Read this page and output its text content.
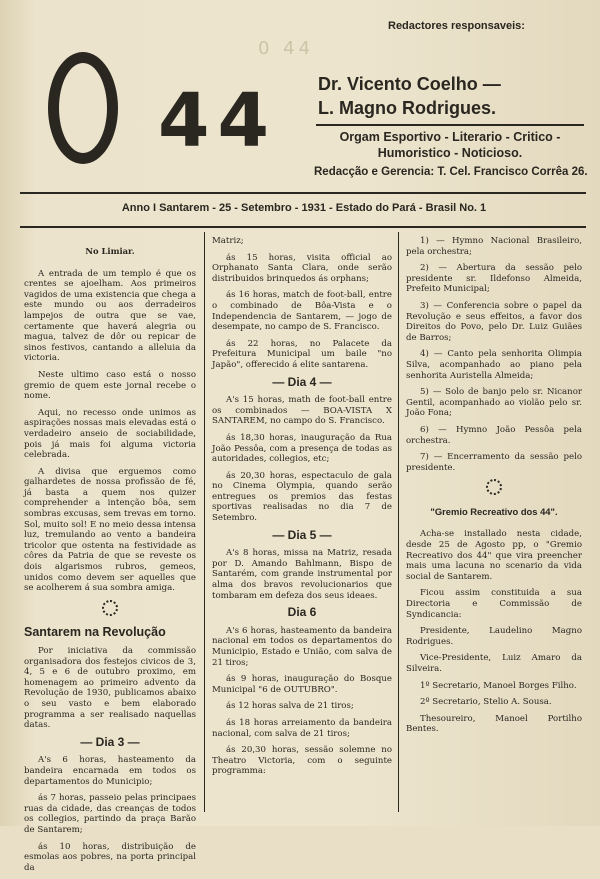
0 44
44
Redactores responsaveis:
Dr. Vicento Coelho —
L. Magno Rodrigues.
Orgam Esportivo - Literario - Critico -
Humoristico - Noticioso.
Redacção e Gerencia: T. Cel. Francisco Corrêa 26.
Anno I Santarem - 25 - Setembro - 1931 - Estado do Pará - Brasil No. 1

No Limiar.

A entrada de um templo é que os crentes se ajoelham. Aos primeiros vagidos de uma existencia que chega a este mundo ou aos derradeiros lampejos de outra que se vae, certamente que haverá alegria ou magua, talvez de dôr ou repicar de sinos festivos, cantando a alleluia da victoria.

Neste ultimo caso está o nosso gremio de quem este jornal recebe o nome.

Aqui, no recesso onde unimos as aspirações nossas mais elevadas está o verdadeiro anseio de sociabilidade, pois já mais foi alguma victoria celebrada.

A divisa que erguemos como galhardetes de nossa profissão de fé, já basta a quem nos quizer comprehender a intenção bôa, sem sombras excusas, sem trevas em torno. Sol, muito sol! E no meio dessa intensa luz, tremulando ao vento a bandeira tricolor que ostenta na festividade as côres da Patria de que se reveste os dois algarismos rubros, gemeos, unidos como devem ser aquelles que se acolherem á sua sombra amiga.

Santarem na Revolução

Por iniciativa da commissão organisadora dos festejos civicos de 3, 4, 5 e 6 de outubro proximo, em homenagem ao primeiro advento da Revolução de 1930, publicamos abaixo o seu vasto e bem elaborado programma a ser realisado naquellas datas.

— Dia 3 —

A's 6 horas, hasteamento da bandeira encarnada em todos os departamentos do Municipio;

ás 7 horas, passeio pelas principaes ruas da cidade, das creanças de todos os collegios, partindo da praça Barão de Santarem;

ás 10 horas, distribuição de esmolas aos pobres, na porta principal da

Matriz;

ás 15 horas, visita official ao Orphanato Santa Clara, onde serão distribuidos brinquedos ás orphans;

ás 16 horas, match de foot-ball, entre o combinado de Bôa-Vista e o Independencia de Santarem, — jogo de desempate, no campo de S. Francisco.

ás 22 horas, no Palacete da Prefeitura Municipal um baile "no Japão", offerecido á elite santarena.

— Dia 4 —

A's 15 horas, math de foot-ball entre os combinados — BOA-VISTA X SANTAREM, no campo do S. Francisco.

ás 18,30 horas, inauguração da Rua João Pessôa, com a presença de todas as autoridades, collegios, etc;

ás 20,30 horas, espectaculo de gala no Cinema Olympia, quando serão entregues os premios das festas sportivas realisadas no dia 7 de Setembro.

— Dia 5 —

A's 8 horas, missa na Matriz, resada por D. Amando Bahlmann, Bispo de Santarém, com grande instrumental por alma dos bravos revolucionarios que tombaram em defeza dos seus ideaes.

Dia 6

A's 6 horas, hasteamento da bandeira nacional em todos os departamentos do Municipio, Estado e União, com salva de 21 tiros;

ás 9 horas, inauguração do Bosque Municipal "6 de OUTUBRO".

ás 12 horas salva de 21 tiros;

ás 18 horas arreiamento da bandeira nacional, com salva de 21 tiros;

ás 20,30 horas, sessão solemne no Theatro Victoria, com o seguinte programma:

1) — Hymno Nacional Brasileiro, pela orchestra;

2) — Abertura da sessão pelo presidente sr. Ildefonso Almeida, Prefeito Municipal;

3) — Conferencia sobre o papel da Revolução e seus effeitos, a favor dos Direitos do Povo, pelo Dr. Luiz Guiães de Barros;

4) — Canto pela senhorita Olimpia Silva, acompanhado ao piano pela senhorita Auristella Almeida;

5) — Solo de banjo pelo sr. Nicanor Gentil, acompanhado ao violão pelo sr. João Fona;

6) — Hymno João Pessôa pela orchestra.

7) — Encerramento da sessão pelo presidente.

"Gremio Recreativo dos 44".

Acha-se installado nesta cidade, desde 25 de Agosto pp, o "Gremio Recreativo dos 44" que vira preencher mais uma lacuna no scenario da vida social de Santarem.

Ficou assim constituida a sua Directoria e Commissão de Syndicancia:

Presidente, Laudelino Magno Rodrigues.

Vice-Presidente, Luiz Amaro da Silveira.

1º Secretario, Manoel Borges Filho.

2º Secretario, Stelio A. Sousa.

Thesoureiro, Manoel Portilho Bentes.
